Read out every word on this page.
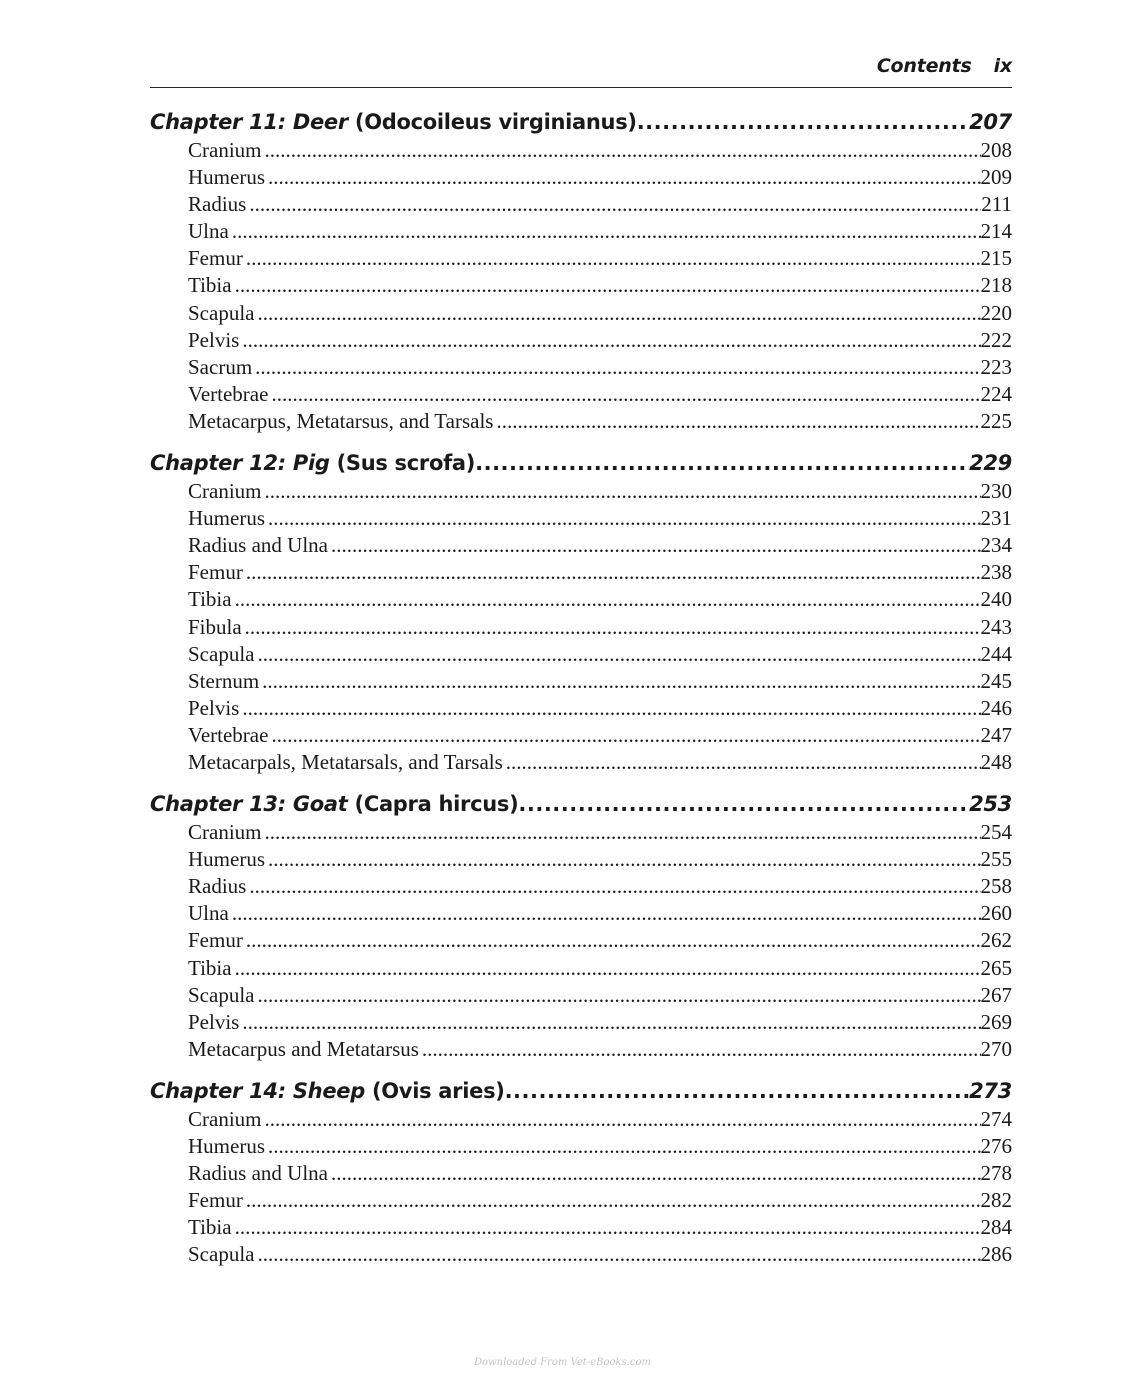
Contents ix
Chapter 11: Deer (Odocoileus virginianus) .....	207
Cranium .....	208
Humerus .....	209
Radius .....	211
Ulna .....	214
Femur .....	215
Tibia .....	218
Scapula .....	220
Pelvis .....	222
Sacrum .....	223
Vertebrae .....	224
Metacarpus, Metatarsus, and Tarsals .....	225
Chapter 12: Pig (Sus scrofa) .....	229
Cranium .....	230
Humerus .....	231
Radius and Ulna .....	234
Femur .....	238
Tibia .....	240
Fibula .....	243
Scapula .....	244
Sternum .....	245
Pelvis .....	246
Vertebrae .....	247
Metacarpals, Metatarsals, and Tarsals .....	248
Chapter 13: Goat (Capra hircus) .....	253
Cranium .....	254
Humerus .....	255
Radius .....	258
Ulna .....	260
Femur .....	262
Tibia .....	265
Scapula .....	267
Pelvis .....	269
Metacarpus and Metatarsus .....	270
Chapter 14: Sheep (Ovis aries) .....	273
Cranium .....	274
Humerus .....	276
Radius and Ulna .....	278
Femur .....	282
Tibia .....	284
Scapula .....	286
Downloaded From Vet-eBooks.com
